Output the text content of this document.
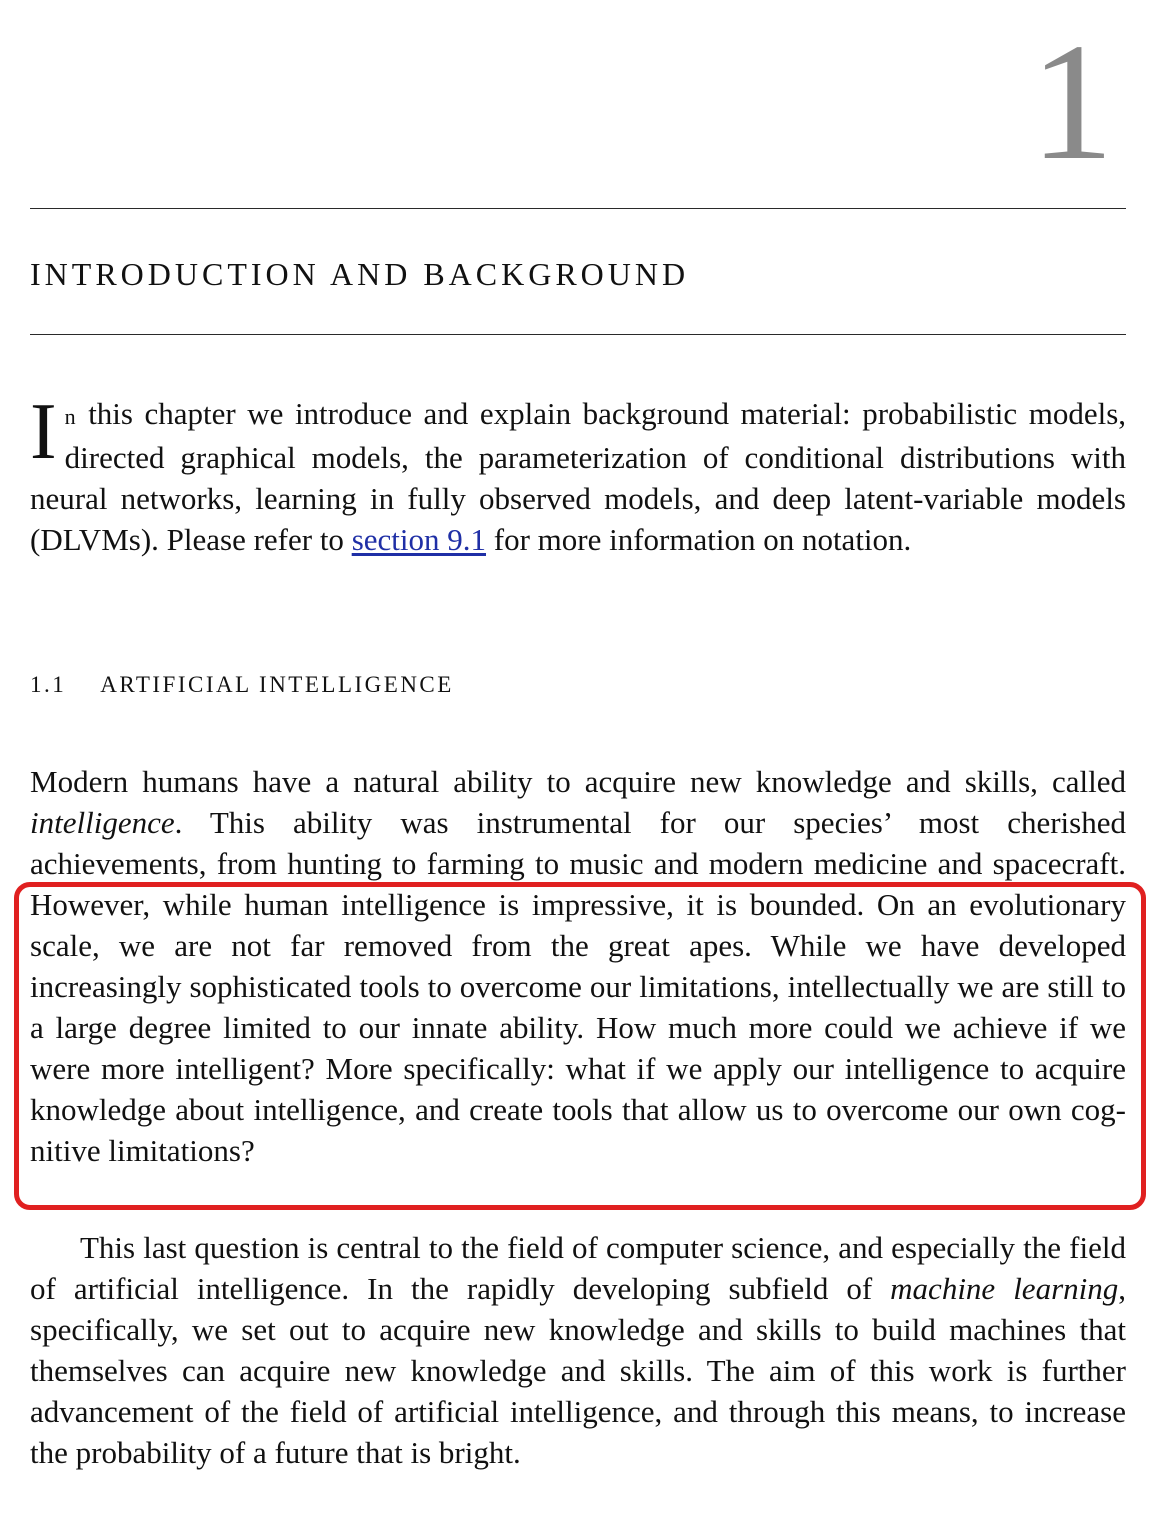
1
INTRODUCTION AND BACKGROUND
In this chapter we introduce and explain background material: probabilistic models, directed graphical models, the parameterization of conditional distributions with neural networks, learning in fully observed models, and deep latent-variable models (DLVMs). Please refer to section 9.1 for more information on notation.
1.1 ARTIFICIAL INTELLIGENCE
Modern humans have a natural ability to acquire new knowledge and skills, called intelligence. This ability was instrumental for our species’ most cherished achievements, from hunting to farming to music and modern medicine and spacecraft. However, while human intelligence is impressive, it is bounded. On an evolutionary scale, we are not far removed from the great apes. While we have developed increasingly sophisticated tools to overcome our limitations, intellectually we are still to a large degree limited to our innate ability. How much more could we achieve if we were more intelligent? More specifically: what if we apply our intelligence to acquire knowledge about intelligence, and create tools that allow us to overcome our own cognitive limitations?
This last question is central to the field of computer science, and especially the field of artificial intelligence. In the rapidly developing subfield of machine learning, specifically, we set out to acquire new knowledge and skills to build machines that themselves can acquire new knowledge and skills. The aim of this work is further advancement of the field of artificial intelligence, and through this means, to increase the probability of a future that is bright.
